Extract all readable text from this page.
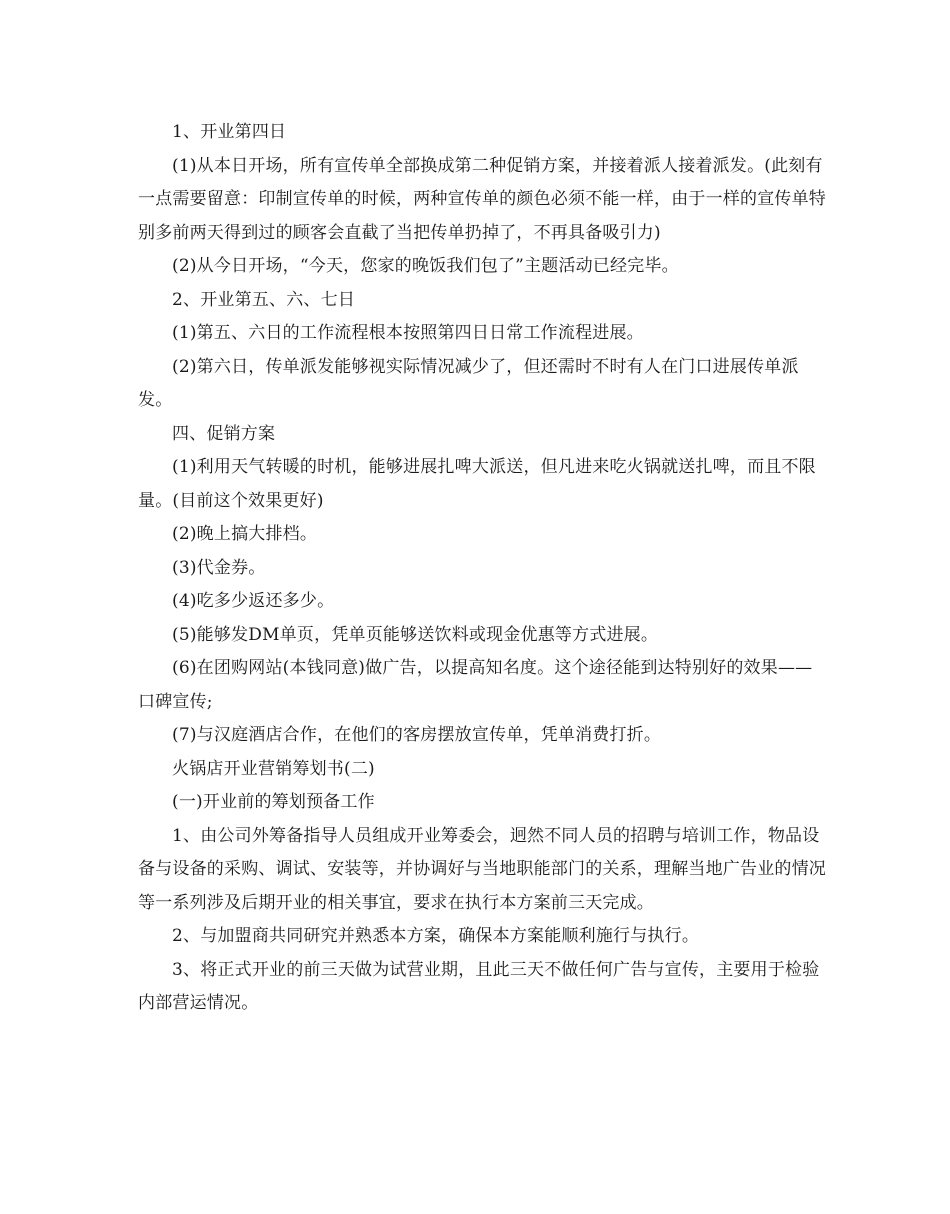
1、开业第四日

(1)从本日开场，所有宣传单全部换成第二种促销方案，并接着派人接着派发。(此刻有一点需要留意：印制宣传单的时候，两种宣传单的颜色必须不能一样，由于一样的宣传单特别多前两天得到过的顾客会直截了当把传单扔掉了，不再具备吸引力)

(2)从今日开场，“今天，您家的晚饭我们包了”主题活动已经完毕。

2、开业第五、六、七日

(1)第五、六日的工作流程根本按照第四日日常工作流程进展。

(2)第六日，传单派发能够视实际情况减少了，但还需时不时有人在门口进展传单派发。

四、促销方案

(1)利用天气转暖的时机，能够进展扎啤大派送，但凡进来吃火锅就送扎啤，而且不限量。(目前这个效果更好)

(2)晚上搞大排档。

(3)代金券。

(4)吃多少返还多少。

(5)能够发DM单页，凭单页能够送饮料或现金优惠等方式进展。

(6)在团购网站(本钱同意)做广告，以提高知名度。这个途径能到达特别好的效果——口碑宣传;

(7)与汉庭酒店合作，在他们的客房摆放宣传单，凭单消费打折。

火锅店开业营销筹划书(二)

(一)开业前的筹划预备工作

1、由公司外筹备指导人员组成开业筹委会，迥然不同人员的招聘与培训工作，物品设备与设备的采购、调试、安装等，并协调好与当地职能部门的关系，理解当地广告业的情况等一系列涉及后期开业的相关事宜，要求在执行本方案前三天完成。

2、与加盟商共同研究并熟悉本方案，确保本方案能顺利施行与执行。

3、将正式开业的前三天做为试营业期，且此三天不做任何广告与宣传，主要用于检验内部营运情况。
